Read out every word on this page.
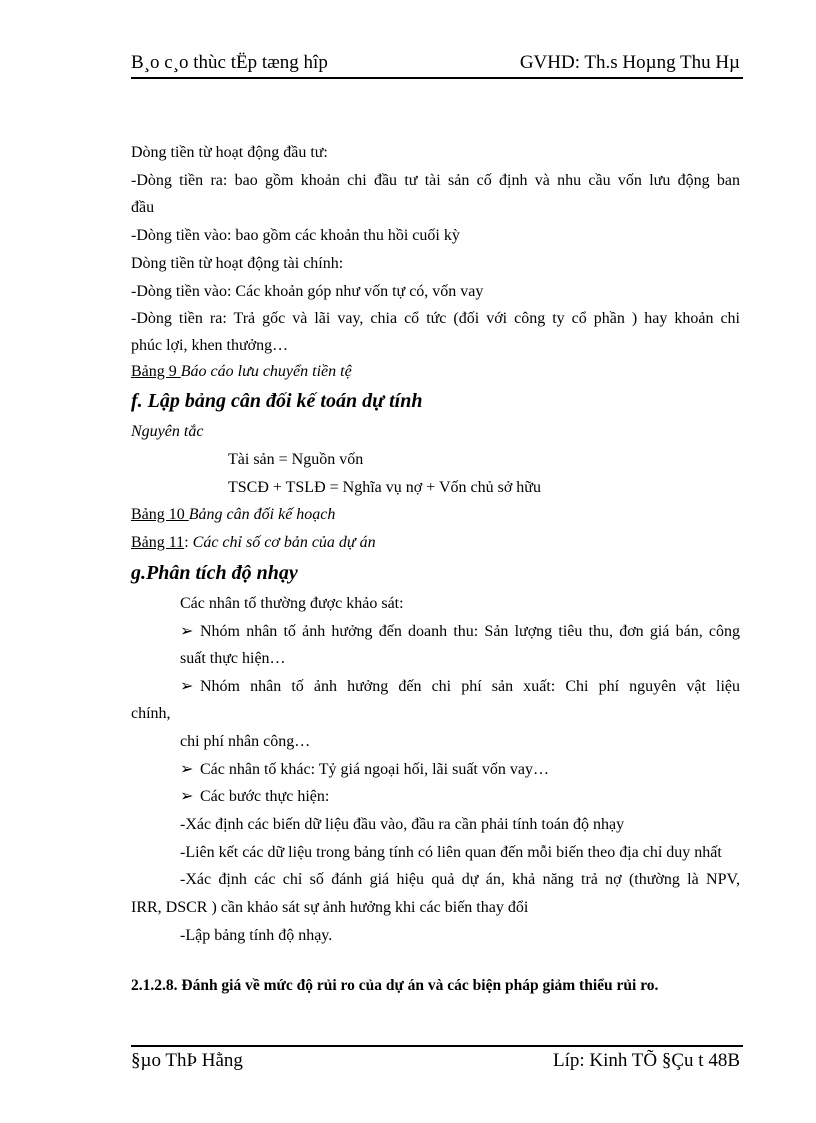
B¸o c¸o thùc tËp tæng hîp	GVHD: Th.s Hoµng Thu Hµ
Dòng tiền từ hoạt động đầu tư:
-Dòng tiền ra: bao gồm khoản chi đầu tư tài sản cố định và nhu cầu vốn lưu động ban
đầu
-Dòng tiền vào: bao gồm các khoản thu hồi cuối kỳ
Dòng tiền từ hoạt động tài chính:
-Dòng tiền vào: Các khoản góp như vốn tự có, vốn vay
-Dòng tiền ra: Trả gốc và lãi vay, chia cổ tức (đối với công ty cổ phần ) hay khoản chi
phúc lợi, khen thưởng…
Bảng 9 Báo cáo lưu chuyển tiền tệ
f. Lập bảng cân đối kế toán dự tính
Nguyên tắc
Tài sản = Nguồn vốn
TSCĐ + TSLĐ = Nghĩa vụ nợ + Vốn chủ sở hữu
Bảng 10 Bảng cân đối kế hoạch
Bảng 11: Các chỉ số cơ bản của dự án
g.Phân tích độ nhạy
Các nhân tố thường được khảo sát:
➢ Nhóm nhân tố ảnh hưởng đến doanh thu: Sản lượng tiêu thu, đơn giá bán, công
suất thực hiện…
➢ Nhóm nhân tố ảnh hưởng đến chi phí sản xuất: Chi phí nguyên vật liệu
chính,
chi phí nhân công…
➢ Các nhân tố khác: Tỷ giá ngoại hối, lãi suất vốn vay…
➢ Các bước thực hiện:
-Xác định các biến dữ liệu đầu vào, đầu ra cần phải tính toán độ nhạy
-Liên kết các dữ liệu trong bảng tính có liên quan đến mỗi biến theo địa chỉ duy nhất
-Xác định các chỉ số đánh giá hiệu quả dự án, khả năng trả nợ (thường là NPV,
IRR, DSCR ) cần khảo sát sự ảnh hưởng khi các biến thay đổi
-Lập bảng tính độ nhạy.
2.1.2.8. Đánh giá về mức độ rủi ro của dự án và các biện pháp giảm thiểu rủi ro.
§µo ThÞ Hằng	Líp: Kinh TÕ §Çu t 48B
